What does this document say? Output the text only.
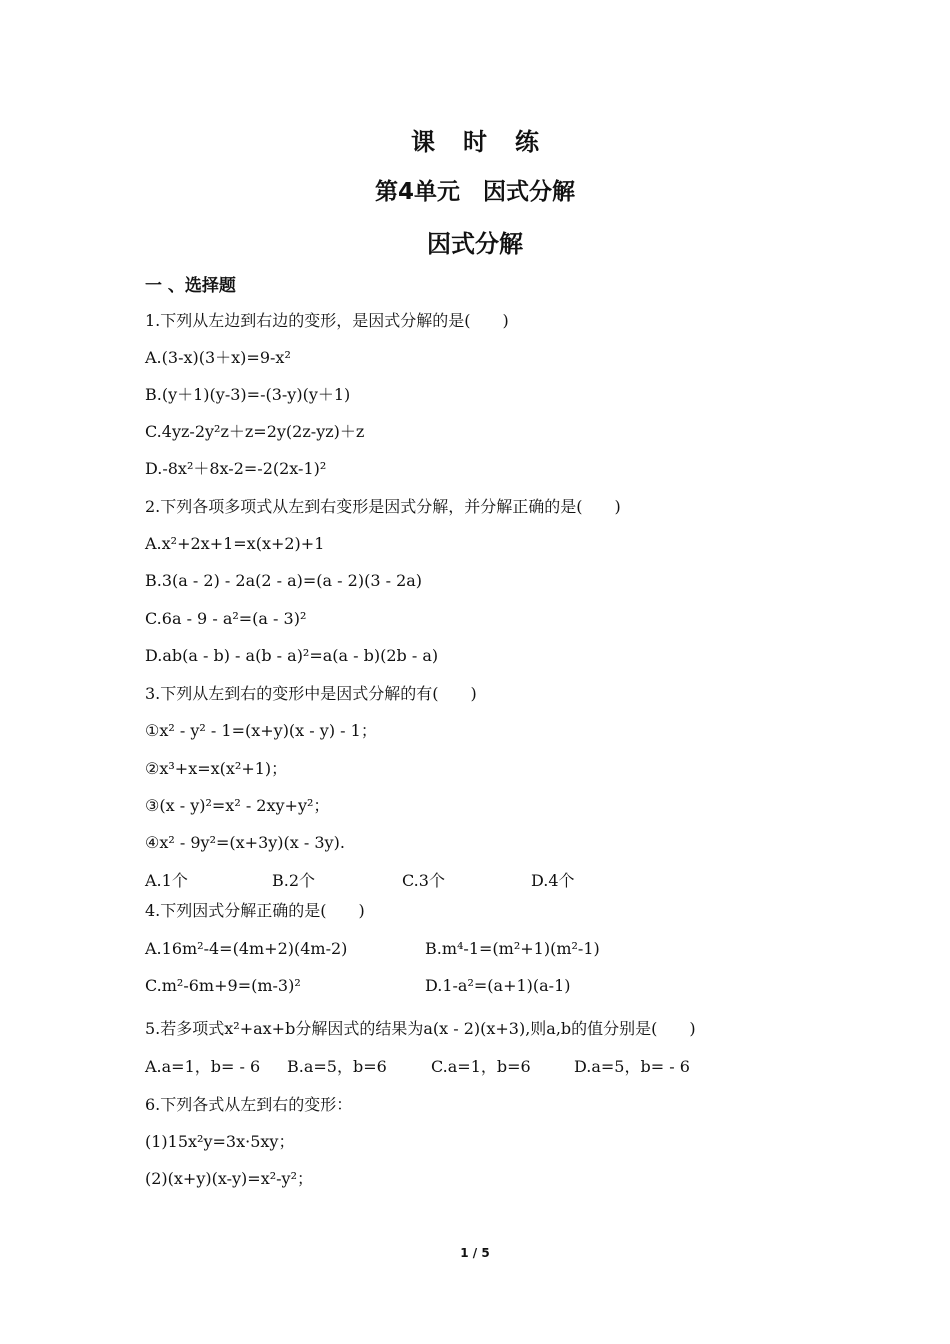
课时练
第4单元　因式分解
因式分解
一 、选择题
1.下列从左边到右边的变形，是因式分解的是(　　)
A.(3-x)(3＋x)=9-x²
B.(y＋1)(y-3)=-(3-y)(y＋1)
C.4yz-2y²z＋z=2y(2z-yz)＋z
D.-8x²＋8x-2=-2(2x-1)²
2.下列各项多项式从左到右变形是因式分解，并分解正确的是(　　)
A.x²+2x+1=x(x+2)+1
B.3(a - 2) - 2a(2 - a)=(a - 2)(3 - 2a)
C.6a - 9 - a²=(a - 3)²
D.ab(a - b) - a(b - a)²=a(a - b)(2b - a)
3.下列从左到右的变形中是因式分解的有(　　)
①x² - y² - 1=(x+y)(x - y) - 1；
②x³+x=x(x²+1)；
③(x - y)²=x² - 2xy+y²；
④x² - 9y²=(x+3y)(x - 3y).
A.1个	B.2个	C.3个	D.4个
4.下列因式分解正确的是(　　)
A.16m²-4=(4m+2)(4m-2)	B.m⁴-1=(m²+1)(m²-1)
C.m²-6m+9=(m-3)²	D.1-a²=(a+1)(a-1)
5.若多项式x²+ax+b分解因式的结果为a(x - 2)(x+3),则a,b的值分别是(　　)
A.a=1，b= - 6 B.a=5，b=6	C.a=1，b=6	D.a=5，b= - 6
6.下列各式从左到右的变形：
(1)15x²y=3x·5xy；
(2)(x+y)(x-y)=x²-y²；
1 / 5
